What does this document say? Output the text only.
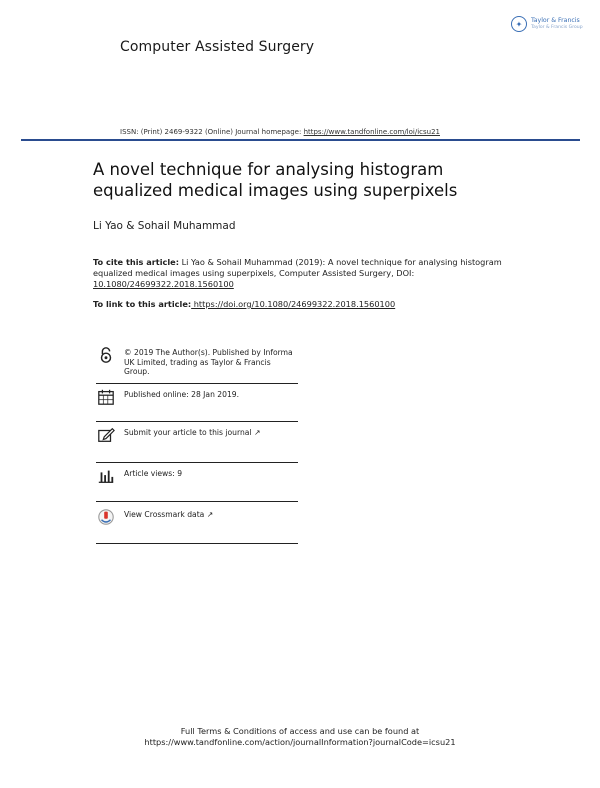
Computer Assisted Surgery
✦	Taylor & Francis
Taylor & Francis Group
ISSN: (Print) 2469-9322 (Online) Journal homepage: https://www.tandfonline.com/loi/icsu21
A novel technique for analysing histogram equalized medical images using superpixels
Li Yao & Sohail Muhammad
To cite this article: Li Yao & Sohail Muhammad (2019): A novel technique for analysing histogram equalized medical images using superpixels, Computer Assisted Surgery, DOI: 10.1080/24699322.2018.1560100
To link to this article: https://doi.org/10.1080/24699322.2018.1560100
© 2019 The Author(s). Published by Informa UK Limited, trading as Taylor & Francis Group.
Published online: 28 Jan 2019.
Submit your article to this journal ↗
Article views: 9
View Crossmark data ↗
Full Terms & Conditions of access and use can be found at
https://www.tandfonline.com/action/journalInformation?journalCode=icsu21
